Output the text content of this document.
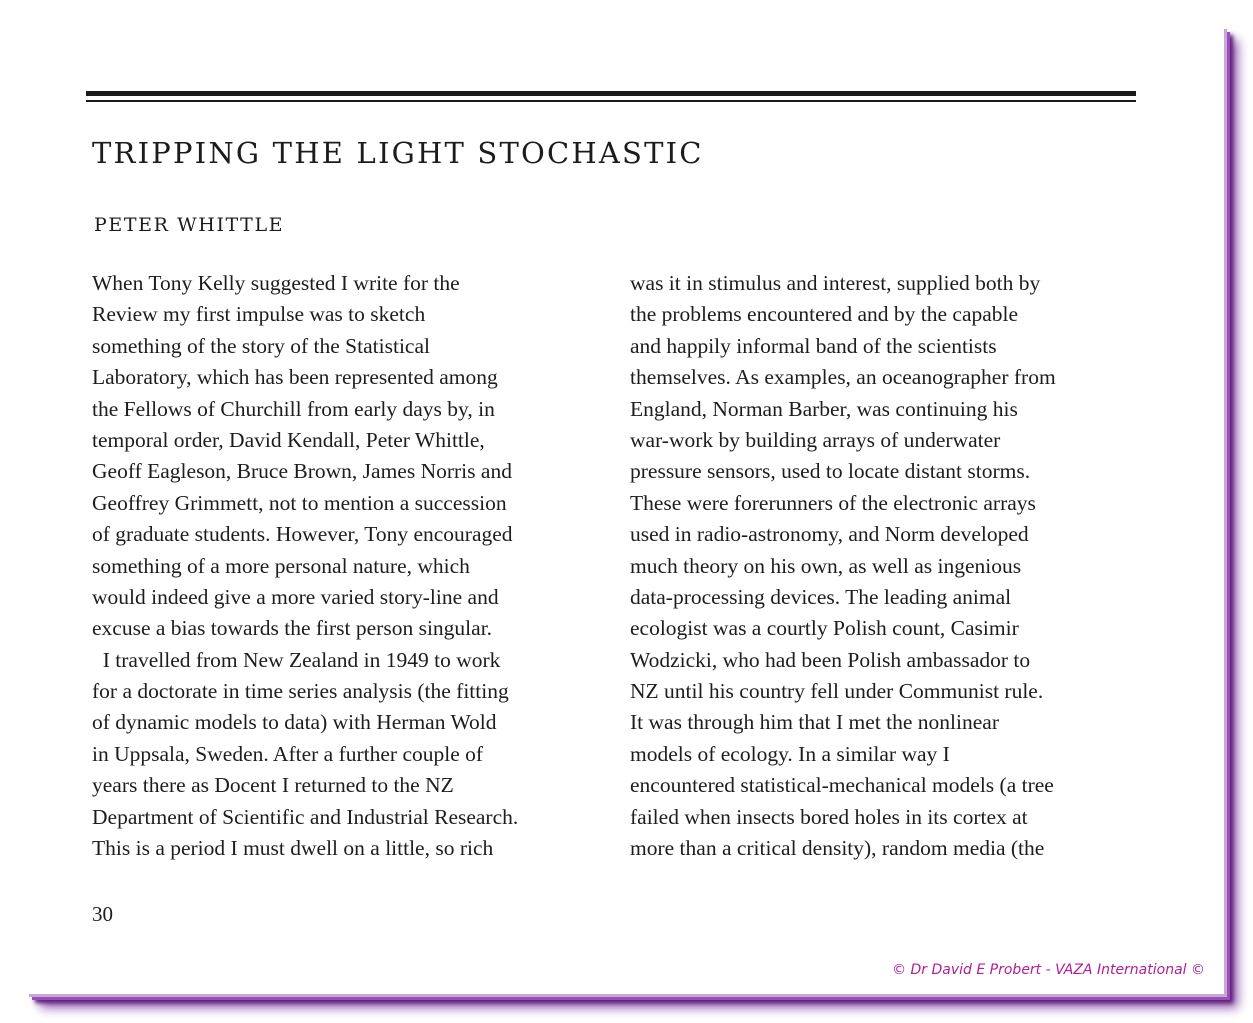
TRIPPING THE LIGHT STOCHASTIC
PETER WHITTLE
When Tony Kelly suggested I write for the
Review my first impulse was to sketch
something of the story of the Statistical
Laboratory, which has been represented among
the Fellows of Churchill from early days by, in
temporal order, David Kendall, Peter Whittle,
Geoff Eagleson, Bruce Brown, James Norris and
Geoffrey Grimmett, not to mention a succession
of graduate students. However, Tony encouraged
something of a more personal nature, which
would indeed give a more varied story-line and
excuse a bias towards the first person singular.
I travelled from New Zealand in 1949 to work
for a doctorate in time series analysis (the fitting
of dynamic models to data) with Herman Wold
in Uppsala, Sweden. After a further couple of
years there as Docent I returned to the NZ
Department of Scientific and Industrial Research.
This is a period I must dwell on a little, so rich
was it in stimulus and interest, supplied both by
the problems encountered and by the capable
and happily informal band of the scientists
themselves. As examples, an oceanographer from
England, Norman Barber, was continuing his
war-work by building arrays of underwater
pressure sensors, used to locate distant storms.
These were forerunners of the electronic arrays
used in radio-astronomy, and Norm developed
much theory on his own, as well as ingenious
data-processing devices. The leading animal
ecologist was a courtly Polish count, Casimir
Wodzicki, who had been Polish ambassador to
NZ until his country fell under Communist rule.
It was through him that I met the nonlinear
models of ecology. In a similar way I
encountered statistical-mechanical models (a tree
failed when insects bored holes in its cortex at
more than a critical density), random media (the
30
© Dr David E Probert - VAZA International ©
